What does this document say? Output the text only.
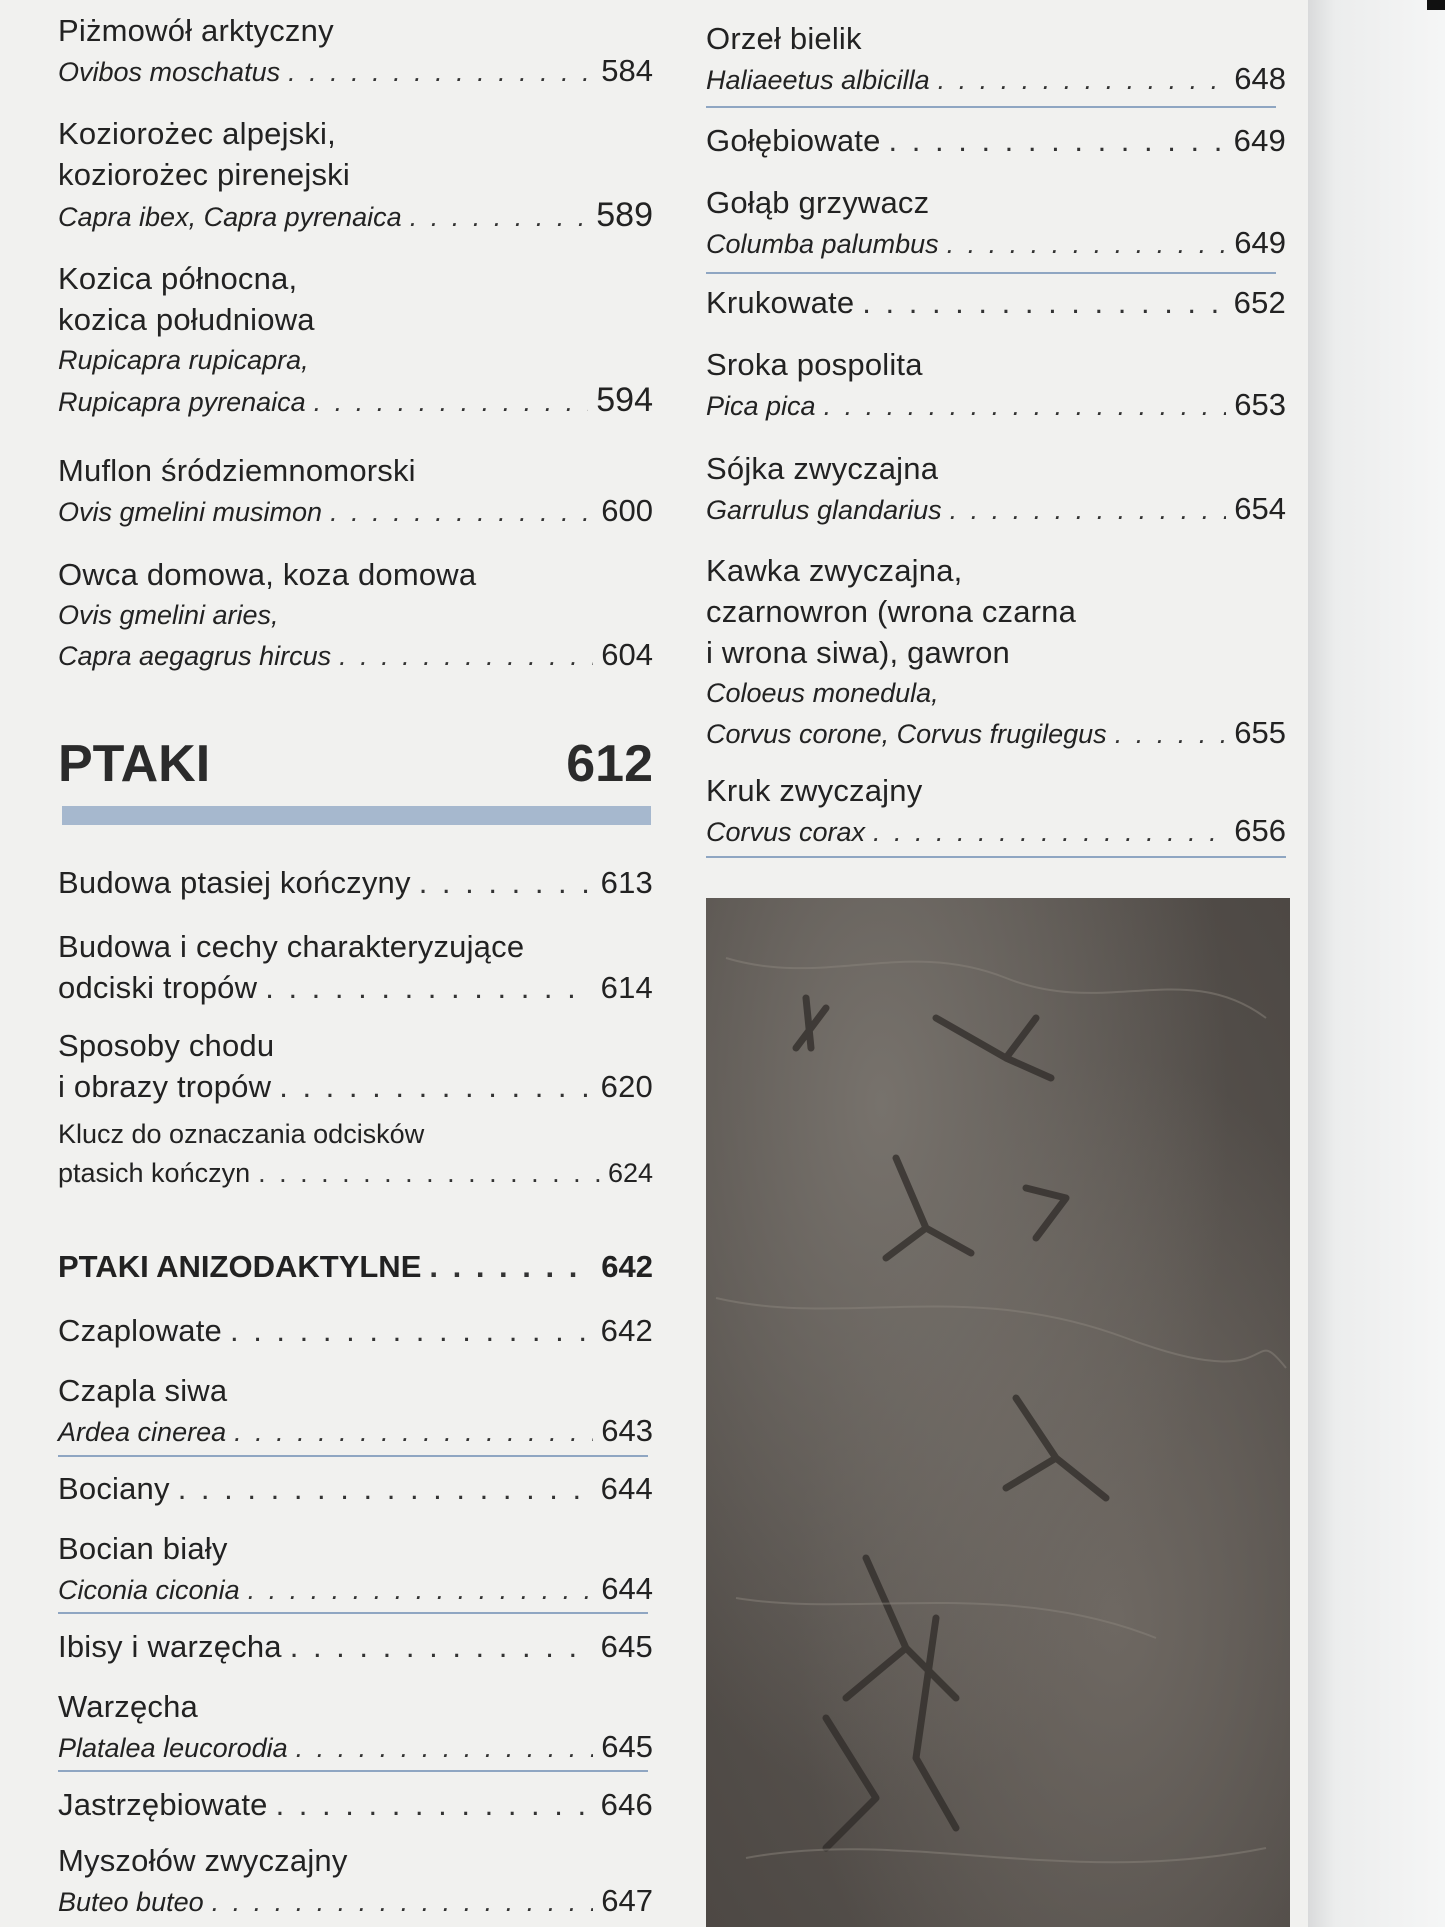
Piżmowół arktyczny
Ovibos moschatus . . .	584
Koziorożec alpejski,
koziorożec pirenejski
Capra ibex, Capra pyrenaica . . .	589
Kozica północna,
kozica południowa
Rupicapra rupicapra,
Rupicapra pyrenaica . . .	594
Muflon śródziemnomorski
Ovis gmelini musimon . . .	600
Owca domowa, koza domowa
Ovis gmelini aries,
Capra aegagrus hircus . . .	604
PTAKI	612
Budowa ptasiej kończyny . . .	613
Budowa i cechy charakteryzujące
odciski tropów . . .	614
Sposoby chodu
i obrazy tropów . . .	620
Klucz do oznaczania odcisków
ptasich kończyn . . .	624
PTAKI ANIZODAKTYLNE . . .	642
Czaplowate . . .	642
Czapla siwa
Ardea cinerea . . .	643
Bociany . . .	644
Bocian biały
Ciconia ciconia . . .	644
Ibisy i warzęcha . . .	645
Warzęcha
Platalea leucorodia . . .	645
Jastrzębiowate . . .	646
Myszołów zwyczajny
Buteo buteo . . .	647
Orzeł bielik
Haliaeetus albicilla . . .	648
Gołębiowate . . .	649
Gołąb grzywacz
Columba palumbus . . .	649
Krukowate . . .	652
Sroka pospolita
Pica pica . . .	653
Sójka zwyczajna
Garrulus glandarius . . .	654
Kawka zwyczajna,
czarnowron (wrona czarna
i wrona siwa), gawron
Coloeus monedula,
Corvus corone, Corvus frugilegus . . .	655
Kruk zwyczajny
Corvus corax . . .	656
